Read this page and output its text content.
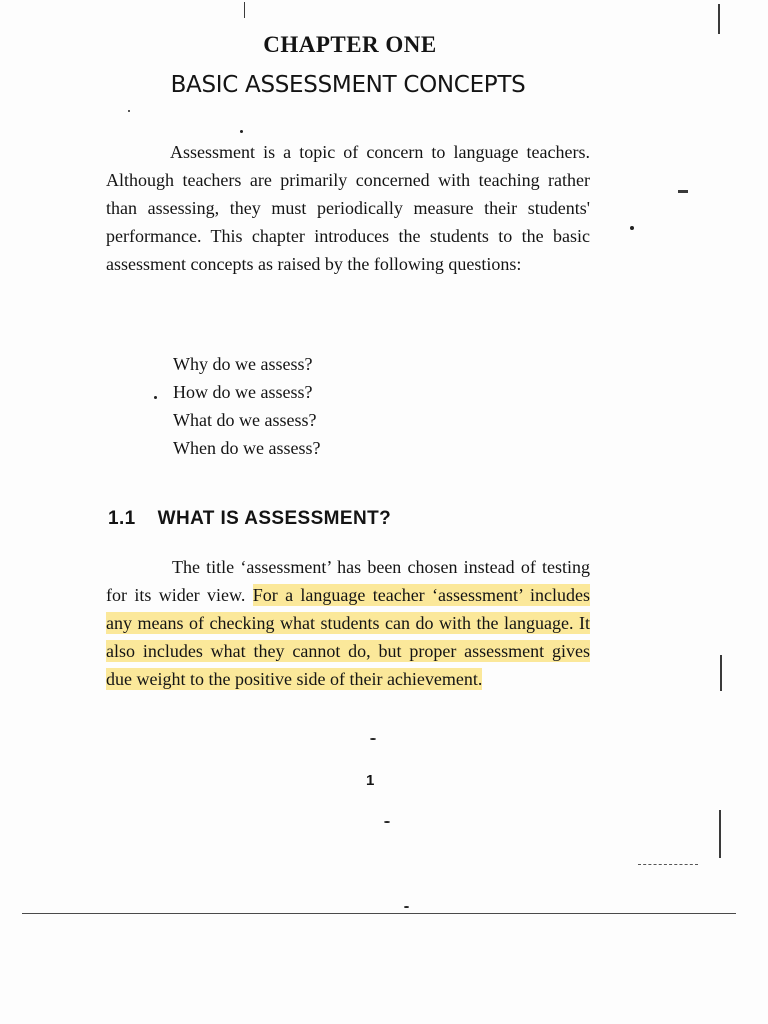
CHAPTER ONE
BASIC ASSESSMENT CONCEPTS

Assessment is a topic of concern to language teachers. Although teachers are primarily concerned with teaching rather than assessing, they must periodically measure their students' performance. This chapter introduces the students to the basic assessment concepts as raised by the following questions:

Why do we assess?
How do we assess?
What do we assess?
When do we assess?
1.1 WHAT IS ASSESSMENT?

The title ‘assessment’ has been chosen instead of testing for its wider view. For a language teacher ‘assessment’ includes any means of checking what students can do with the language. It also includes what they cannot do, but proper assessment gives due weight to the positive side of their achievement.

1
